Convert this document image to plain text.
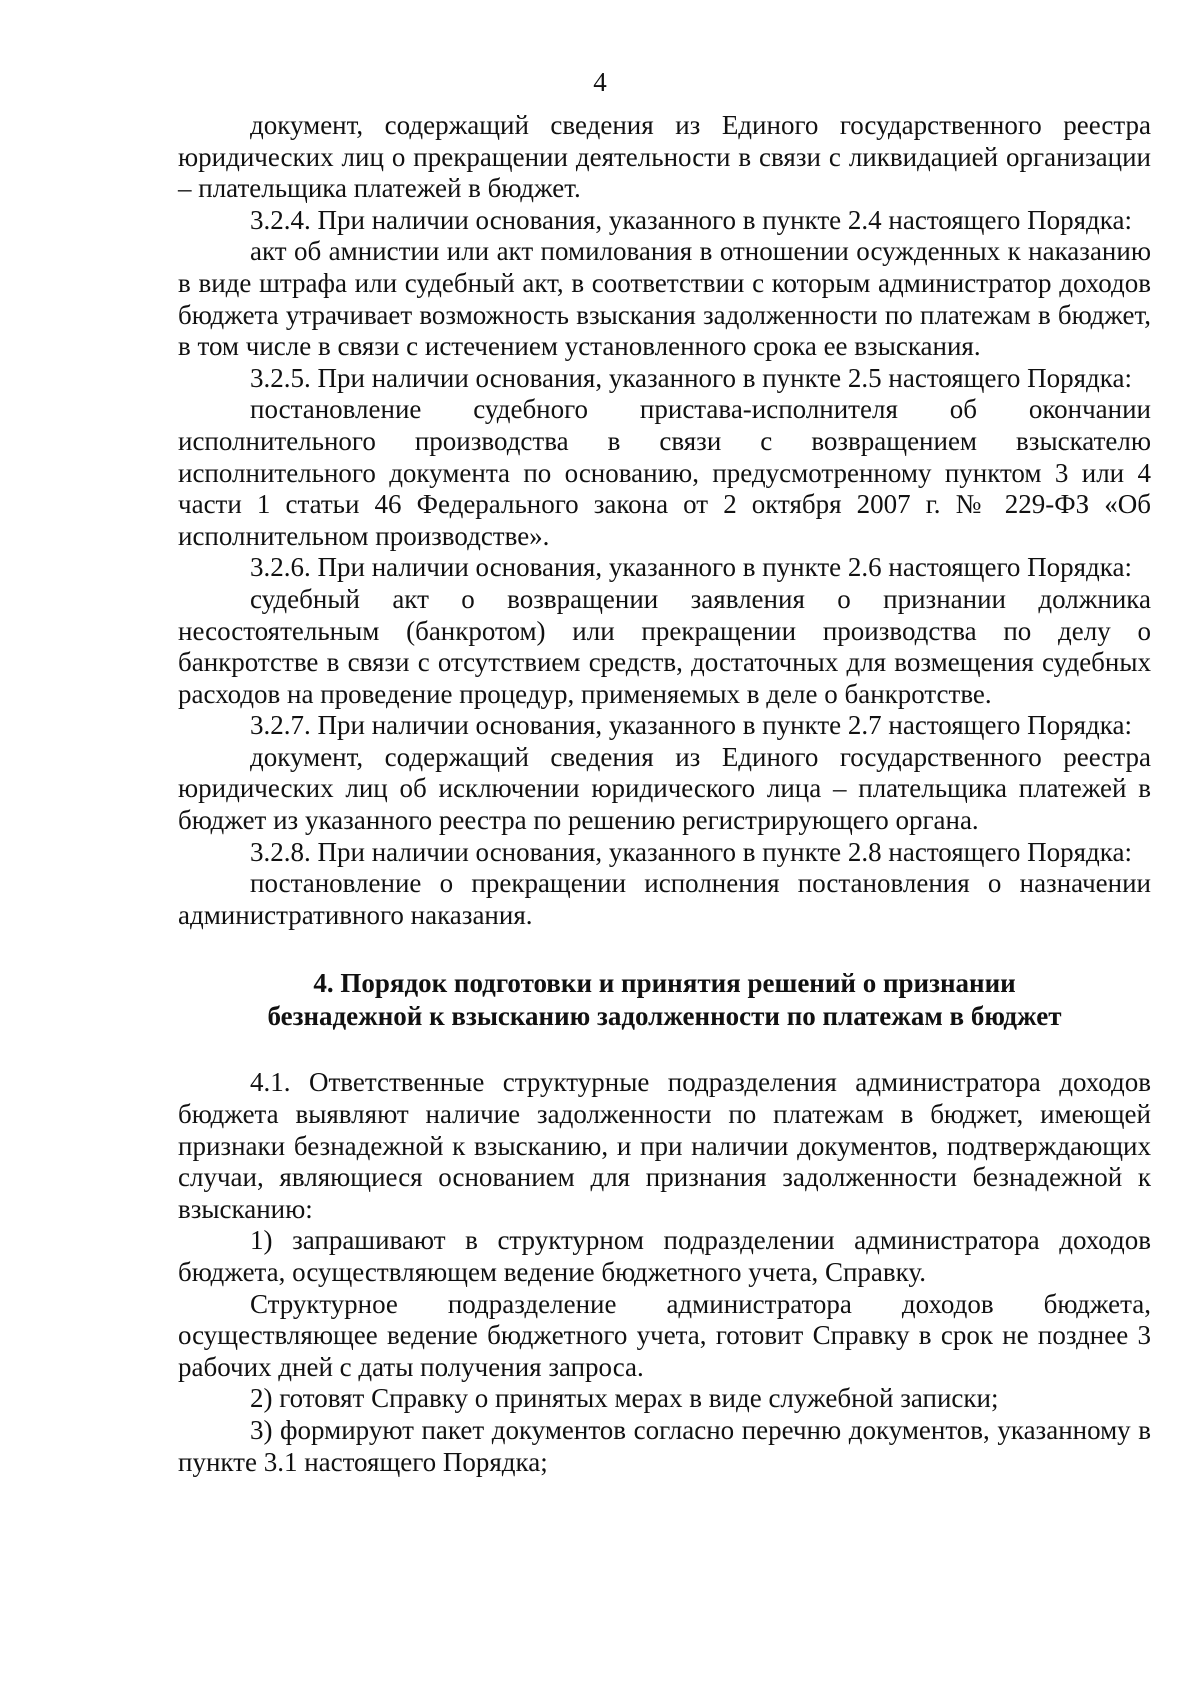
4

документ, содержащий сведения из Единого государственного реестра юридических лиц о прекращении деятельности в связи с ликвидацией организации – плательщика платежей в бюджет.

3.2.4. При наличии основания, указанного в пункте 2.4 настоящего Порядка:

акт об амнистии или акт помилования в отношении осужденных к наказанию в виде штрафа или судебный акт, в соответствии с которым администратор доходов бюджета утрачивает возможность взыскания задолженности по платежам в бюджет, в том числе в связи с истечением установленного срока ее взыскания.

3.2.5. При наличии основания, указанного в пункте 2.5 настоящего Порядка:

постановление судебного пристава-исполнителя об окончании исполнительного производства в связи с возвращением взыскателю исполнительного документа по основанию, предусмотренному пунктом 3 или 4 части 1 статьи 46 Федерального закона от 2 октября 2007 г. № 229-ФЗ «Об исполнительном производстве».

3.2.6. При наличии основания, указанного в пункте 2.6 настоящего Порядка:

судебный акт о возвращении заявления о признании должника несостоятельным (банкротом) или прекращении производства по делу о банкротстве в связи с отсутствием средств, достаточных для возмещения судебных расходов на проведение процедур, применяемых в деле о банкротстве.

3.2.7. При наличии основания, указанного в пункте 2.7 настоящего Порядка:

документ, содержащий сведения из Единого государственного реестра юридических лиц об исключении юридического лица – плательщика платежей в бюджет из указанного реестра по решению регистрирующего органа.

3.2.8. При наличии основания, указанного в пункте 2.8 настоящего Порядка:

постановление о прекращении исполнения постановления о назначении административного наказания.

4. Порядок подготовки и принятия решений о признании
безнадежной к взысканию задолженности по платежам в бюджет

4.1. Ответственные структурные подразделения администратора доходов бюджета выявляют наличие задолженности по платежам в бюджет, имеющей признаки безнадежной к взысканию, и при наличии документов, подтверждающих случаи, являющиеся основанием для признания задолженности безнадежной к взысканию:

1) запрашивают в структурном подразделении администратора доходов бюджета, осуществляющем ведение бюджетного учета, Справку.

Структурное подразделение администратора доходов бюджета, осуществляющее ведение бюджетного учета, готовит Справку в срок не позднее 3 рабочих дней с даты получения запроса.

2) готовят Справку о принятых мерах в виде служебной записки;

3) формируют пакет документов согласно перечню документов, указанному в пункте 3.1 настоящего Порядка;
